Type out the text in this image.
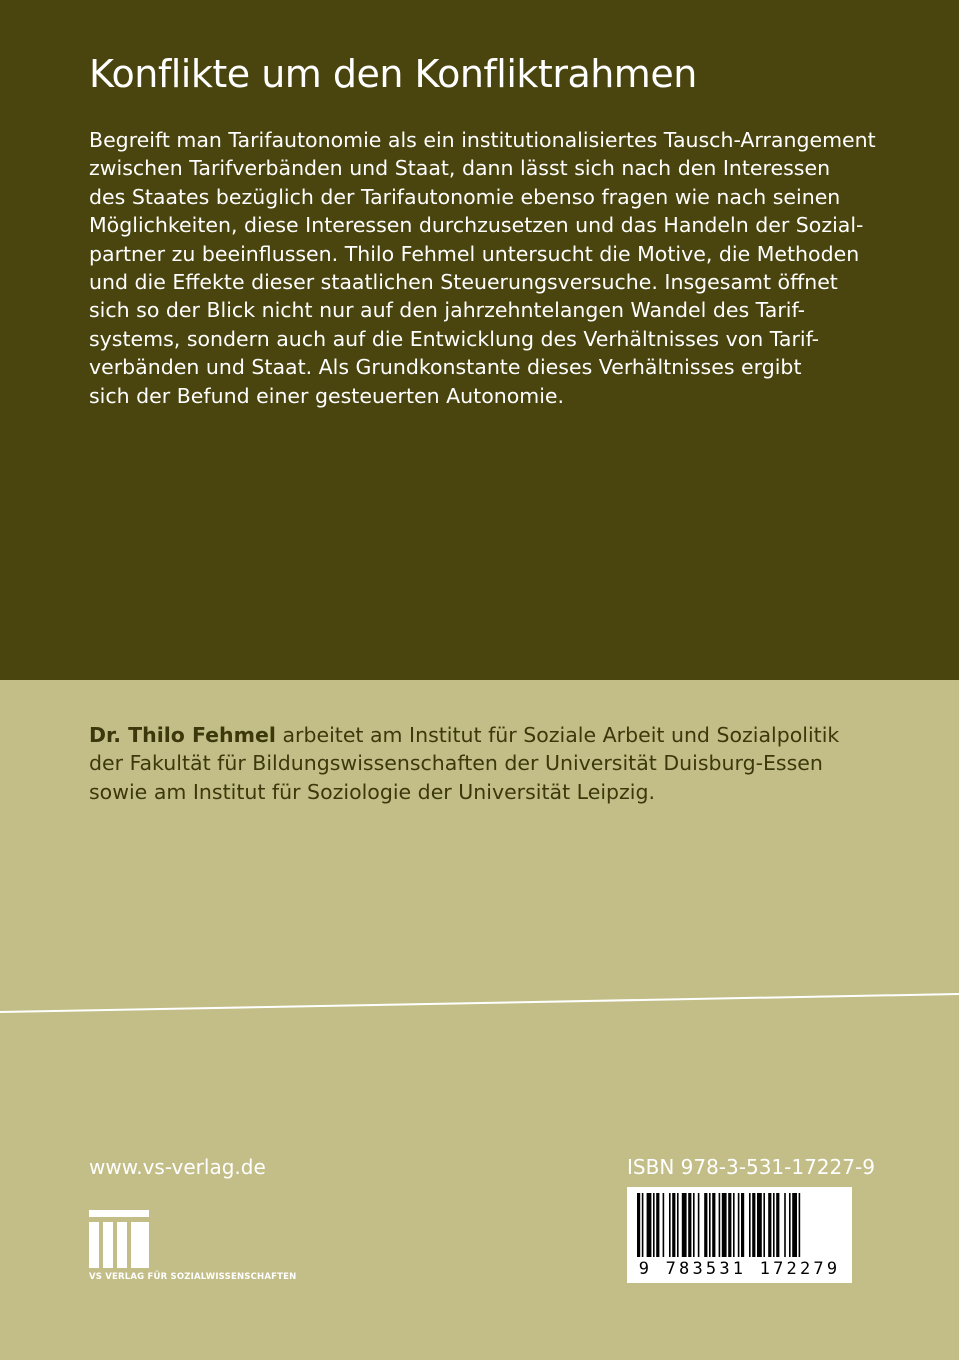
Konflikte um den Konfliktrahmen
Begreift man Tarifautonomie als ein institutionalisiertes Tausch-Arrangement
zwischen Tarifverbänden und Staat, dann lässt sich nach den Interessen
des Staates bezüglich der Tarifautonomie ebenso fragen wie nach seinen
Möglichkeiten, diese Interessen durchzusetzen und das Handeln der Sozial-
partner zu beeinflussen. Thilo Fehmel untersucht die Motive, die Methoden
und die Effekte dieser staatlichen Steuerungsversuche. Insgesamt öffnet
sich so der Blick nicht nur auf den jahrzehntelangen Wandel des Tarif-
systems, sondern auch auf die Entwicklung des Verhältnisses von Tarif-
verbänden und Staat. Als Grundkonstante dieses Verhältnisses ergibt
sich der Befund einer gesteuerten Autonomie.
Dr. Thilo Fehmel arbeitet am Institut für Soziale Arbeit und Sozialpolitik
der Fakultät für Bildungswissenschaften der Universität Duisburg-Essen
sowie am Institut für Soziologie der Universität Leipzig.
www.vs-verlag.de
VS VERLAG FÜR SOZIALWISSENSCHAFTEN
ISBN 978-3-531-17227-9
9 783531 172279
